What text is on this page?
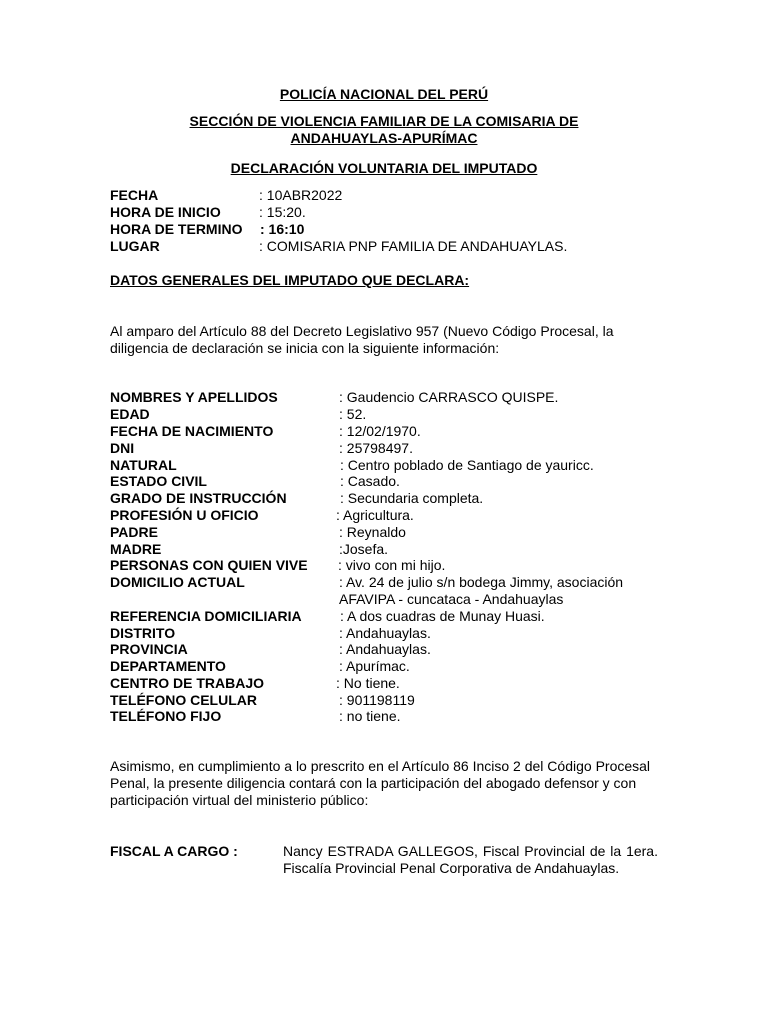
POLICÍA NACIONAL DEL PERÚ
SECCIÓN DE VIOLENCIA FAMILIAR DE LA COMISARIA DE
ANDAHUAYLAS-APURÍMAC
DECLARACIÓN VOLUNTARIA DEL IMPUTADO
FECHA	: 10ABR2022
HORA DE INICIO	: 15:20.
HORA DE TERMINO : 16:10
LUGAR	: COMISARIA PNP FAMILIA DE ANDAHUAYLAS.
DATOS GENERALES DEL IMPUTADO QUE DECLARA:
Al amparo del Artículo 88 del Decreto Legislativo 957 (Nuevo Código Procesal, la diligencia de declaración se inicia con la siguiente información:
NOMBRES Y APELLIDOS	: Gaudencio CARRASCO QUISPE.
EDAD	: 52.
FECHA DE NACIMIENTO	: 12/02/1970.
DNI	: 25798497.
NATURAL	: Centro poblado de Santiago de yauricc.
ESTADO CIVIL	: Casado.
GRADO DE INSTRUCCIÓN	: Secundaria completa.
PROFESIÓN U OFICIO	: Agricultura.
PADRE	: Reynaldo
MADRE	:Josefa.
PERSONAS CON QUIEN VIVE : vivo con mi hijo.
DOMICILIO ACTUAL	: Av. 24 de julio s/n bodega Jimmy, asociación
AFAVIPA - cuncataca - Andahuaylas
REFERENCIA DOMICILIARIA	: A dos cuadras de Munay Huasi.
DISTRITO	: Andahuaylas.
PROVINCIA	: Andahuaylas.
DEPARTAMENTO	: Apurímac.
CENTRO DE TRABAJO	: No tiene.
TELÉFONO CELULAR	: 901198119
TELÉFONO FIJO	: no tiene.
Asimismo, en cumplimiento a lo prescrito en el Artículo 86 Inciso 2 del Código Procesal Penal, la presente diligencia contará con la participación del abogado defensor y con participación virtual del ministerio público:
FISCAL A CARGO :	Nancy ESTRADA GALLEGOS, Fiscal Provincial de la 1era. Fiscalía Provincial Penal Corporativa de Andahuaylas.
